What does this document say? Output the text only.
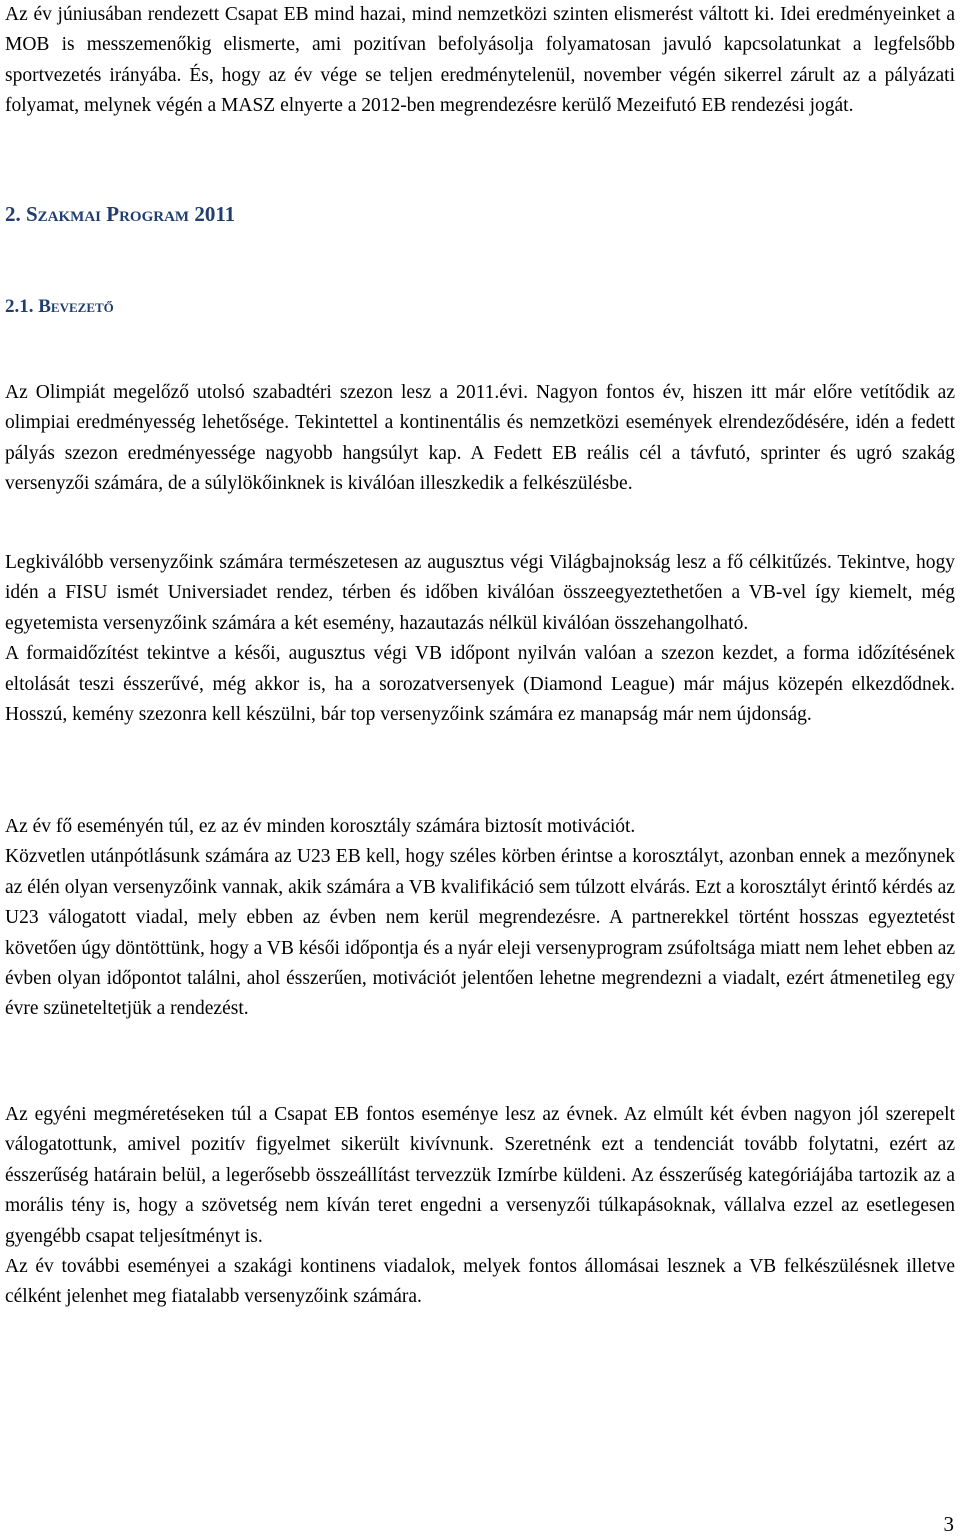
Az év júniusában rendezett Csapat EB mind hazai, mind nemzetközi szinten elismerést váltott ki. Idei eredményeinket a MOB is messzemenőkig elismerte, ami pozitívan befolyásolja folyamatosan javuló kapcsolatunkat a legfelsőbb sportvezetés irányába. És, hogy az év vége se teljen eredménytelenül, november végén sikerrel zárult az a pályázati folyamat, melynek végén a MASZ elnyerte a 2012-ben megrendezésre kerülő Mezeifutó EB rendezési jogát.

2. Szakmai Program 2011
2.1. Bevezető

Az Olimpiát megelőző utolsó szabadtéri szezon lesz a 2011.évi. Nagyon fontos év, hiszen itt már előre vetítődik az olimpiai eredményesség lehetősége. Tekintettel a kontinentális és nemzetközi események elrendeződésére, idén a fedett pályás szezon eredményessége nagyobb hangsúlyt kap. A Fedett EB reális cél a távfutó, sprinter és ugró szakág versenyzői számára, de a súlylökőinknek is kiválóan illeszkedik a felkészülésbe.

Legkiválóbb versenyzőink számára természetesen az augusztus végi Világbajnokság lesz a fő célkitűzés. Tekintve, hogy idén a FISU ismét Universiadet rendez, térben és időben kiválóan összeegyeztethetően a VB-vel így kiemelt, még egyetemista versenyzőink számára a két esemény, hazautazás nélkül kiválóan összehangolható.

A formaidőzítést tekintve a késői, augusztus végi VB időpont nyilván valóan a szezon kezdet, a forma időzítésének eltolását teszi ésszerűvé, még akkor is, ha a sorozatversenyek (Diamond League) már május közepén elkezdődnek. Hosszú, kemény szezonra kell készülni, bár top versenyzőink számára ez manapság már nem újdonság.

Az év fő eseményén túl, ez az év minden korosztály számára biztosít motivációt.

Közvetlen utánpótlásunk számára az U23 EB kell, hogy széles körben érintse a korosztályt, azonban ennek a mezőnynek az élén olyan versenyzőink vannak, akik számára a VB kvalifikáció sem túlzott elvárás. Ezt a korosztályt érintő kérdés az U23 válogatott viadal, mely ebben az évben nem kerül megrendezésre. A partnerekkel történt hosszas egyeztetést követően úgy döntöttünk, hogy a VB késői időpontja és a nyár eleji versenyprogram zsúfoltsága miatt nem lehet ebben az évben olyan időpontot találni, ahol ésszerűen, motivációt jelentően lehetne megrendezni a viadalt, ezért átmenetileg egy évre szüneteltetjük a rendezést.

Az egyéni megméretéseken túl a Csapat EB fontos eseménye lesz az évnek. Az elmúlt két évben nagyon jól szerepelt válogatottunk, amivel pozitív figyelmet sikerült kivívnunk. Szeretnénk ezt a tendenciát tovább folytatni, ezért az ésszerűség határain belül, a legerősebb összeállítást tervezzük Izmírbe küldeni. Az ésszerűség kategóriájába tartozik az a morális tény is, hogy a szövetség nem kíván teret engedni a versenyzői túlkapásoknak, vállalva ezzel az esetlegesen gyengébb csapat teljesítményt is.

Az év további eseményei a szakági kontinens viadalok, melyek fontos állomásai lesznek a VB felkészülésnek illetve célként jelenhet meg fiatalabb versenyzőink számára.

3
